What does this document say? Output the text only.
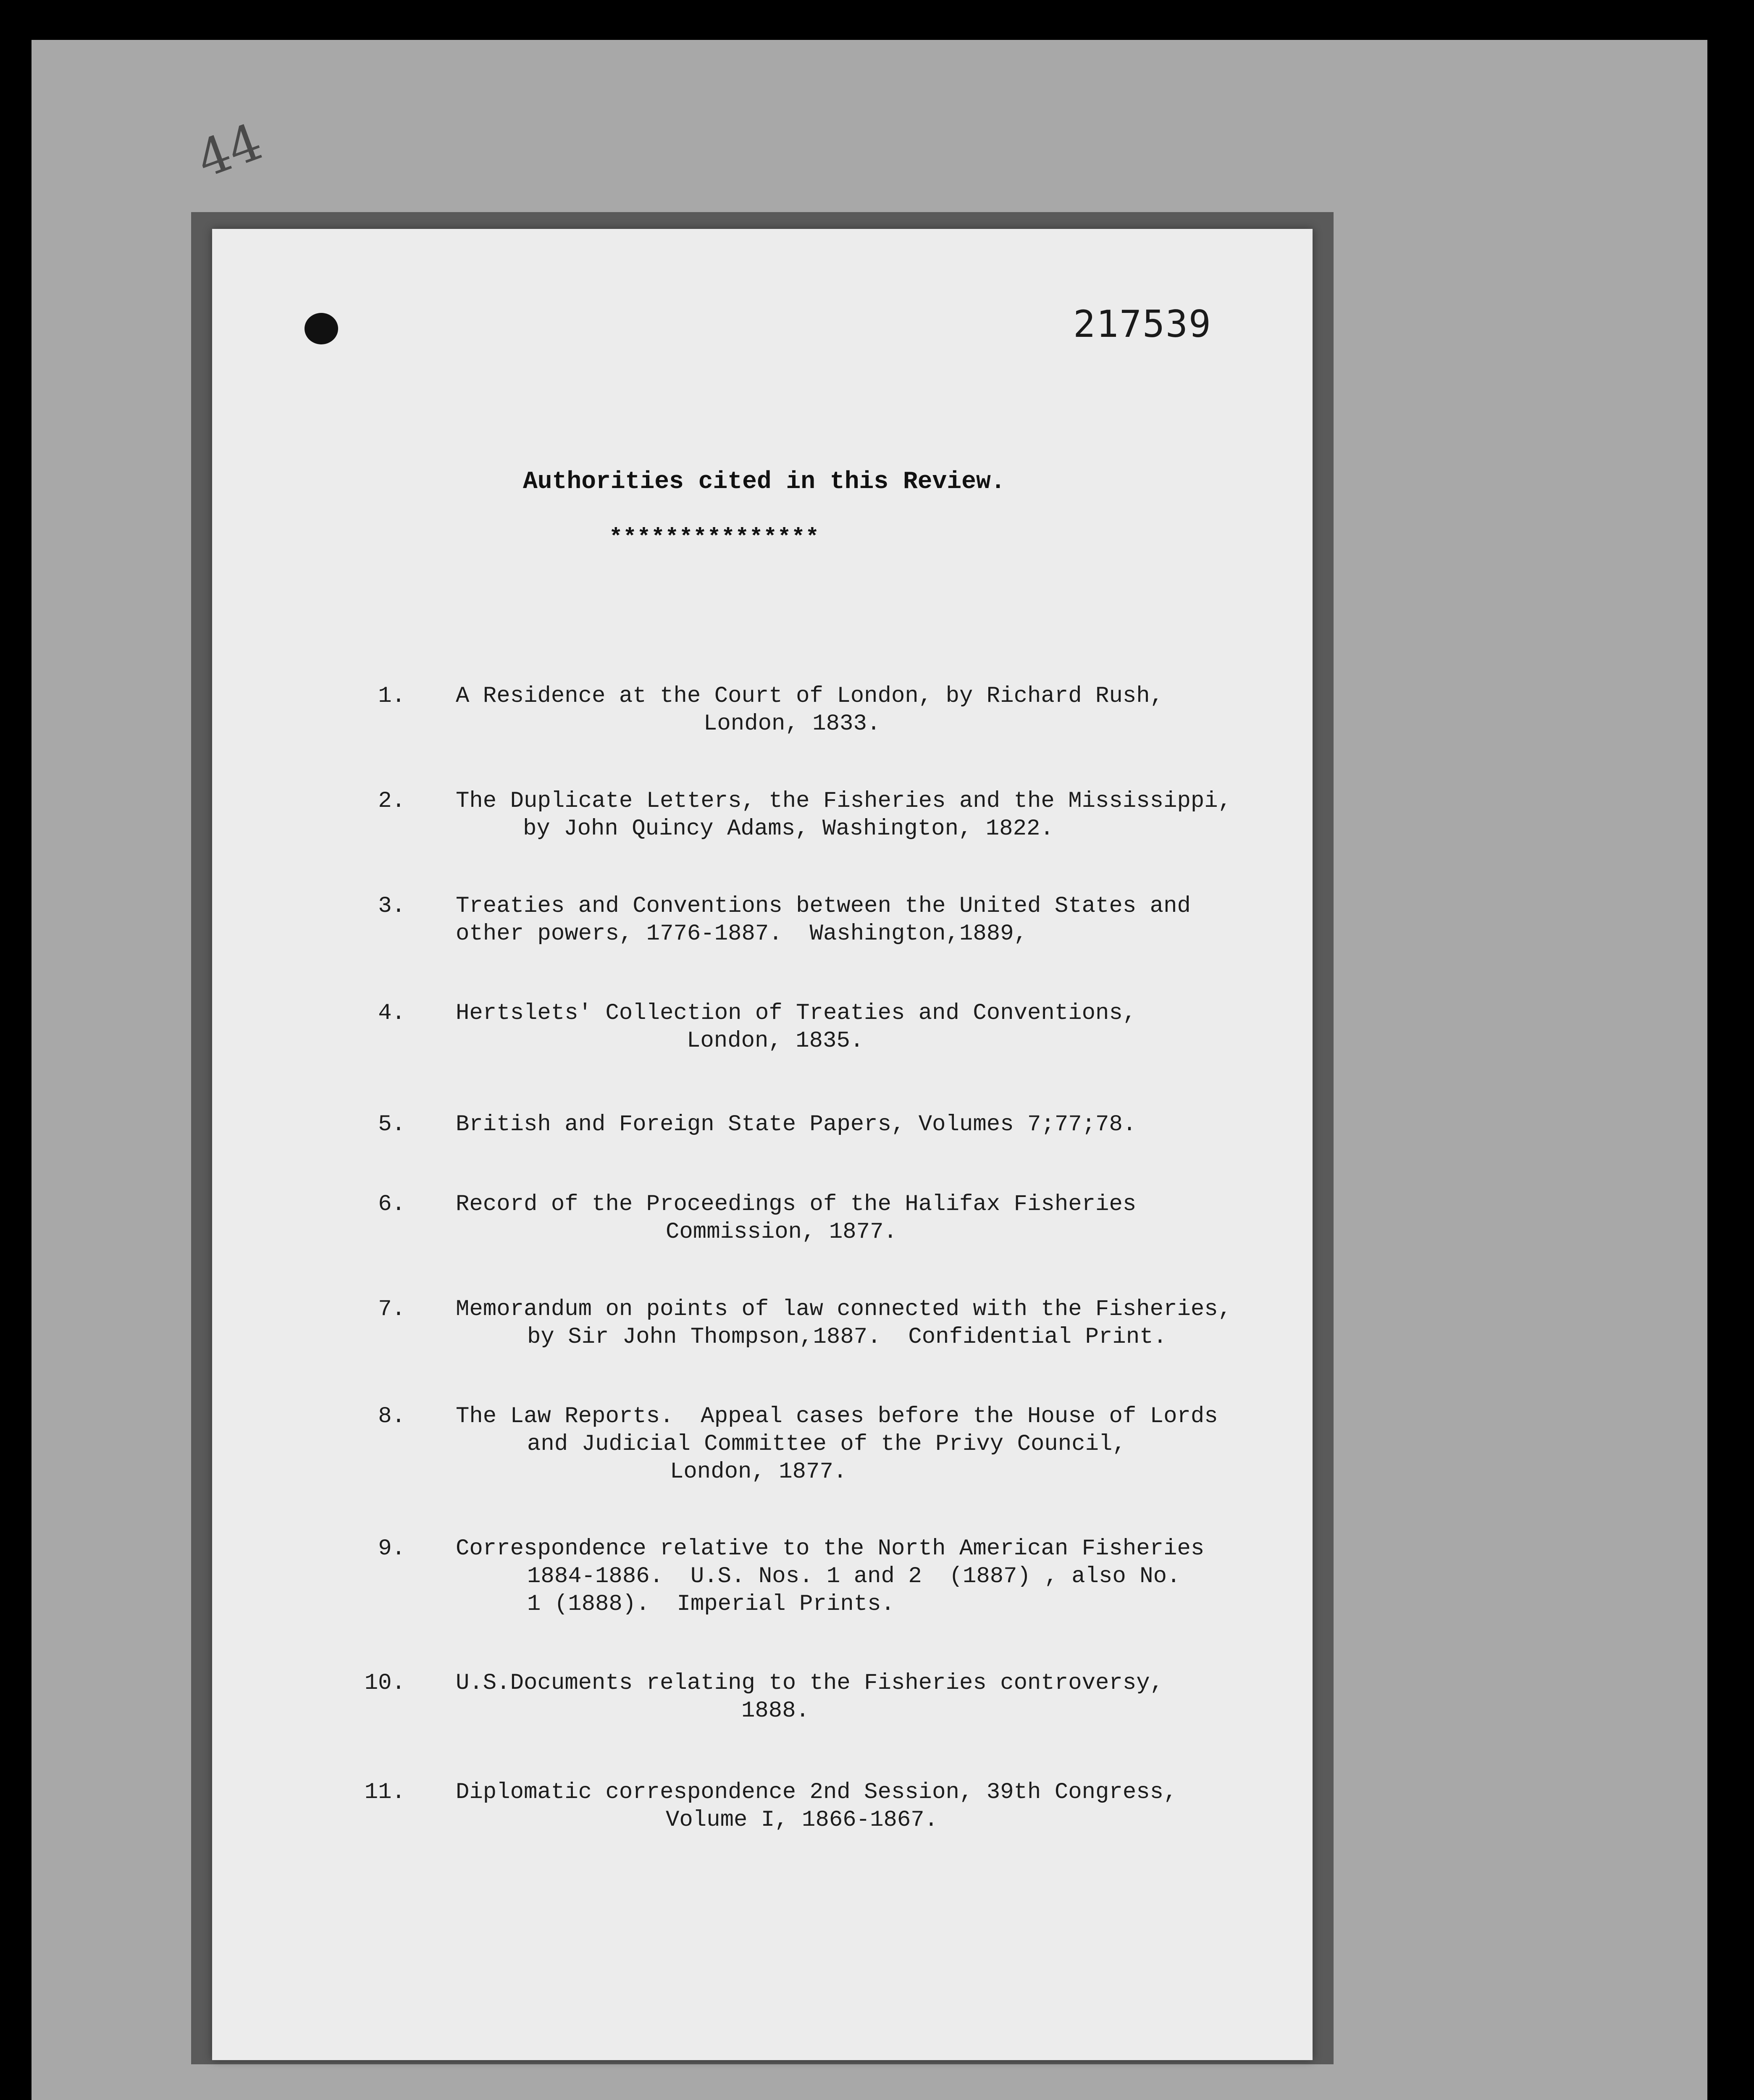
44
217539
Authorities cited in this Review.
***************
1. A Residence at the Court of London, by Richard Rush,
London, 1833.
2. The Duplicate Letters, the Fisheries and the Mississippi,
by John Quincy Adams, Washington, 1822.
3. Treaties and Conventions between the United States and
other powers, 1776-1887.  Washington,1889,
4. Hertslets' Collection of Treaties and Conventions,
London, 1835.
5. British and Foreign State Papers, Volumes 7;77;78.
6. Record of the Proceedings of the Halifax Fisheries
Commission, 1877.
7. Memorandum on points of law connected with the Fisheries,
by Sir John Thompson,1887.  Confidential Print.
8. The Law Reports.  Appeal cases before the House of Lords
and Judicial Committee of the Privy Council,
London, 1877.
9. Correspondence relative to the North American Fisheries
1884-1886.  U.S. Nos. 1 and 2  (1887) , also No.
1 (1888).  Imperial Prints.
10. U.S.Documents relating to the Fisheries controversy,
1888.
11. Diplomatic correspondence 2nd Session, 39th Congress,
Volume I, 1866-1867.
